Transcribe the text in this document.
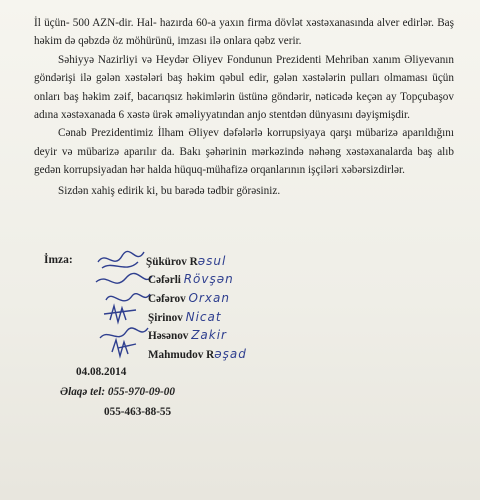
İl üçün- 500 AZN-dir. Hal- hazırda 60-a yaxın firma dövlət xəstəxanasında alver edirlər. Baş həkim də qəbzdə öz möhürünü, imzası ilə onlara qəbz verir.

Səhiyyə Nazirliyi və Heydər Əliyev Fondunun Prezidenti Mehriban xanım Əliyevanın göndərişi ilə gələn xəstələri baş həkim qəbul edir, gələn xəstələrin pulları olmaması üçün onları baş həkim zəif, bacarıqsız həkimlərin üstünə göndərir, nəticədə keçən ay Topçubaşov adına xəstəxanada 6 xəstə ürək əməliyyatından anjo stentdən dünyasını dəyişmişdir.

Cənab Prezidentimiz İlham Əliyev dəfələrlə korrupsiyaya qarşı mübarizə aparıldığını deyir və mübarizə aparılır da. Bakı şəhərinin mərkəzində nəhəng xəstəxanalarda baş alıb gedən korrupsiyadan hər halda hüquq-mühafizə orqanlarının işçiləri xəbərsizdirlər.

Sizdən xahiş edirik ki, bu barədə tədbir görəsiniz.

İmza:	Şükürov Rəsul
Cəfərli Rövşən
Cəfərov Orxan
Şirinov Nicat
Həsənov Zakir
Mahmudov Rəşad
04.08.2014
Əlaqə tel: 055-970-09-00
055-463-88-55
